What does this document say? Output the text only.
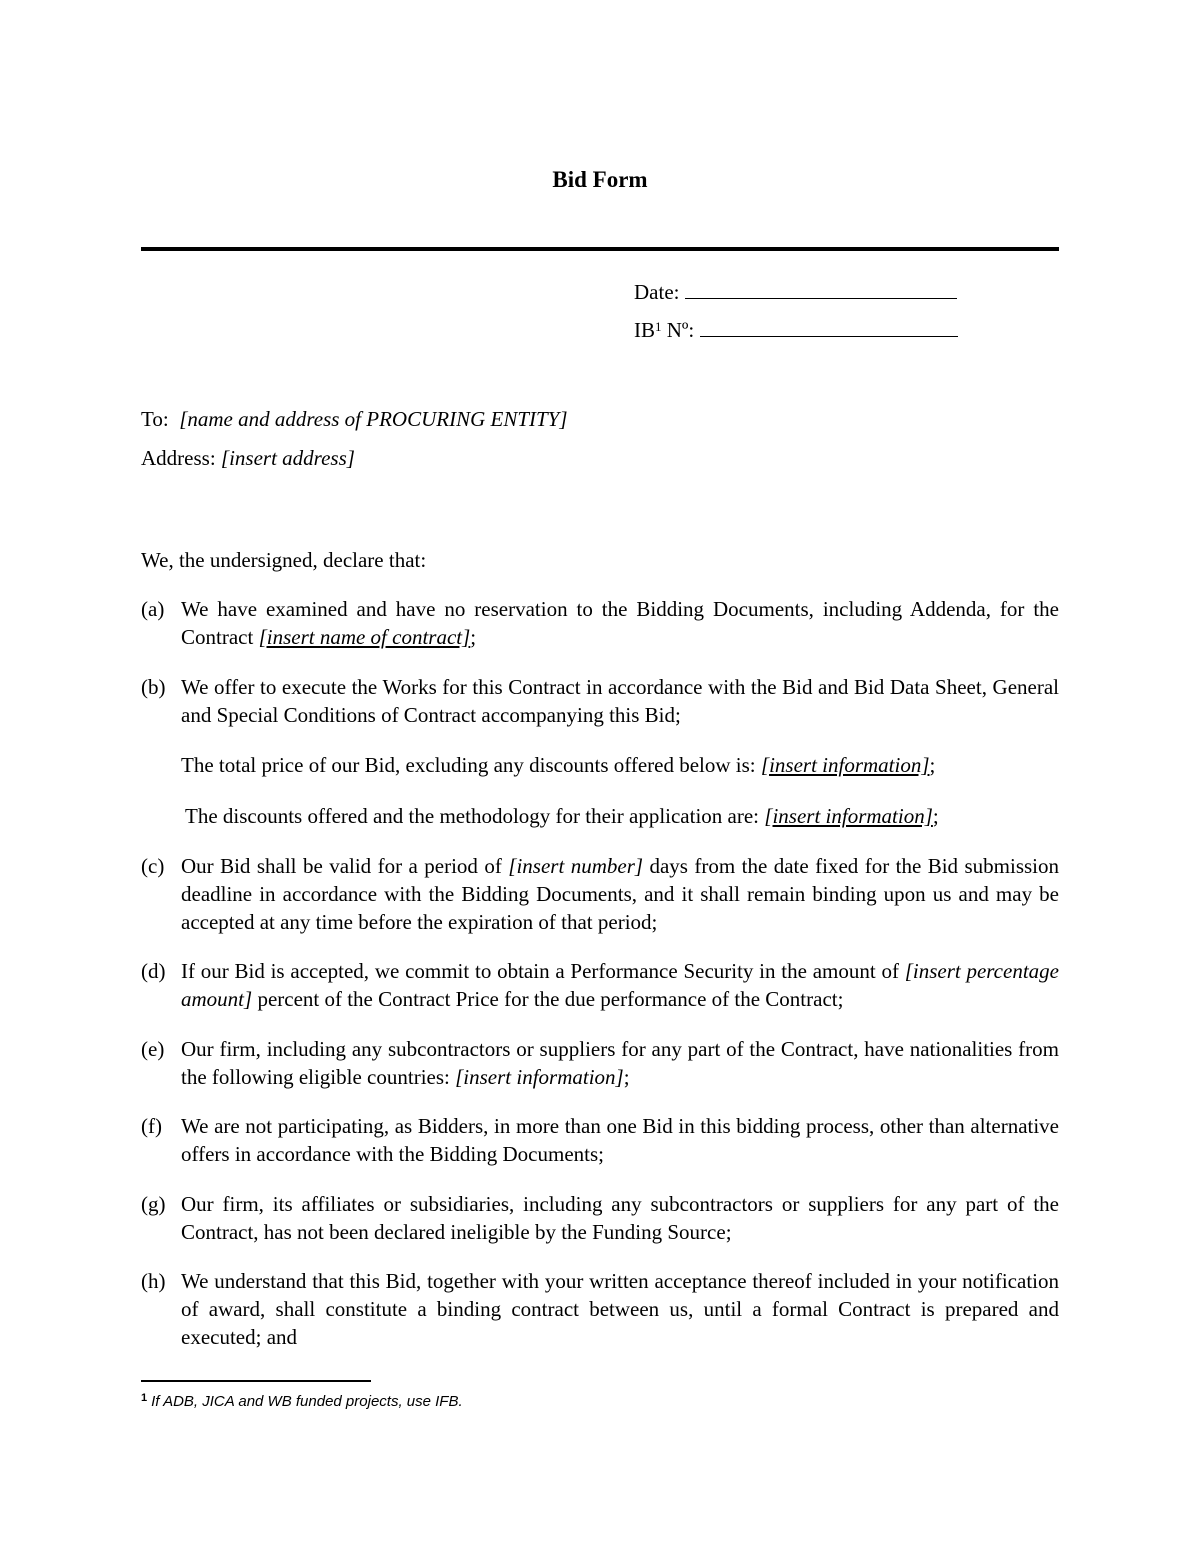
Bid Form
Date:
$IB^1$ Nº:
To: [name and address of PROCURING ENTITY]
Address: [insert address]
We, the undersigned, declare that:
(a) We have examined and have no reservation to the Bidding Documents, including Addenda, for the Contract [insert name of contract];
(b) We offer to execute the Works for this Contract in accordance with the Bid and Bid Data Sheet, General and Special Conditions of Contract accompanying this Bid;
The total price of our Bid, excluding any discounts offered below is: [insert information];
The discounts offered and the methodology for their application are: [insert information];
(c) Our Bid shall be valid for a period of [insert number] days from the date fixed for the Bid submission deadline in accordance with the Bidding Documents, and it shall remain binding upon us and may be accepted at any time before the expiration of that period;
(d) If our Bid is accepted, we commit to obtain a Performance Security in the amount of [insert percentage amount] percent of the Contract Price for the due performance of the Contract;
(e) Our firm, including any subcontractors or suppliers for any part of the Contract, have nationalities from the following eligible countries: [insert information];
(f) We are not participating, as Bidders, in more than one Bid in this bidding process, other than alternative offers in accordance with the Bidding Documents;
(g) Our firm, its affiliates or subsidiaries, including any subcontractors or suppliers for any part of the Contract, has not been declared ineligible by the Funding Source;
(h) We understand that this Bid, together with your written acceptance thereof included in your notification of award, shall constitute a binding contract between us, until a formal Contract is prepared and executed; and
$^1$ If ADB, JICA and WB funded projects, use IFB.
